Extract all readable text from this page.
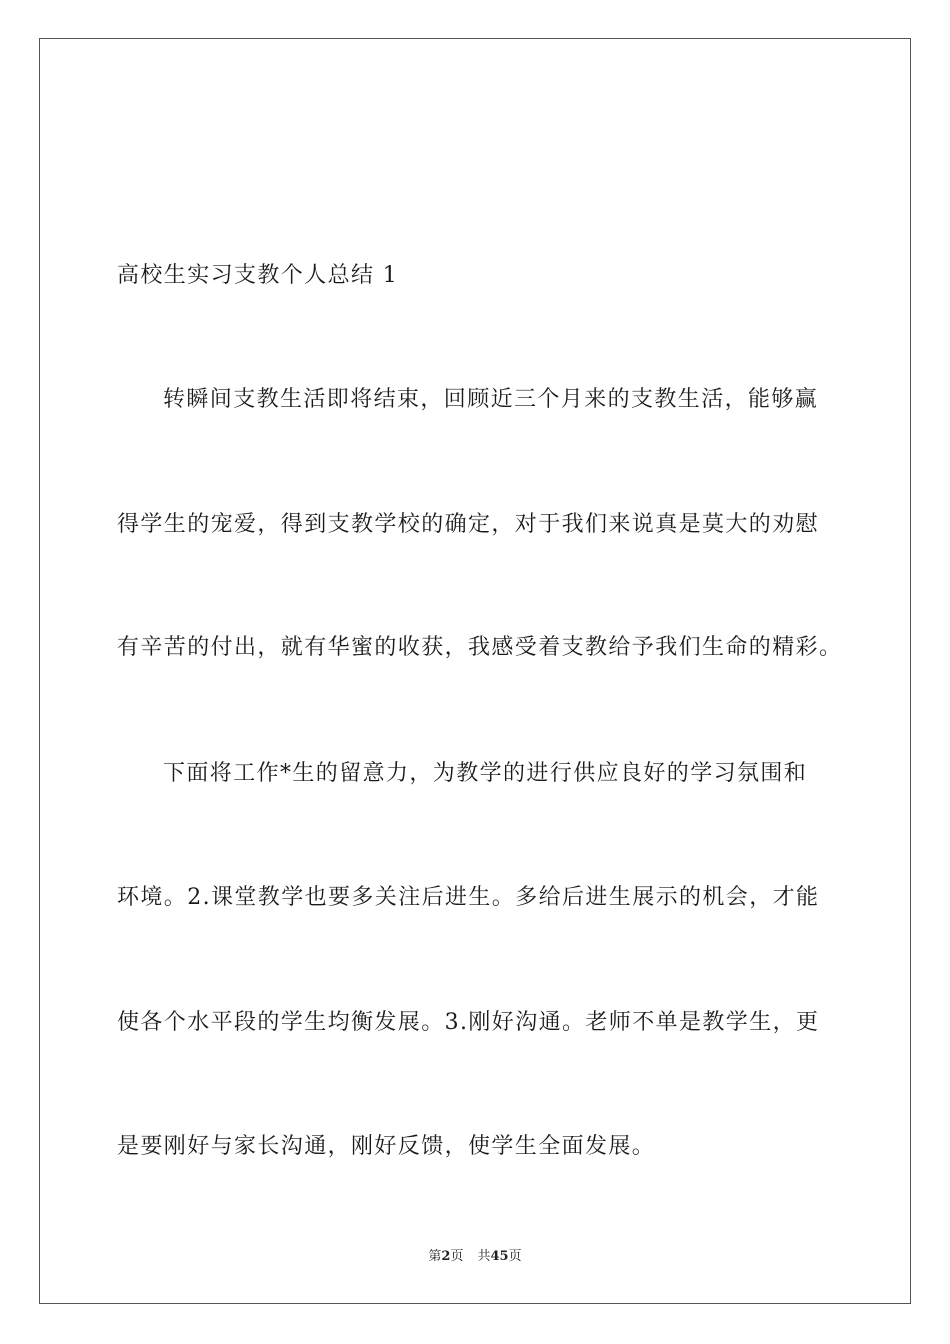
高校生实习支教个人总结 1
转瞬间支教生活即将结束，回顾近三个月来的支教生活，能够赢
得学生的宠爱，得到支教学校的确定，对于我们来说真是莫大的劝慰
有辛苦的付出，就有华蜜的收获，我感受着支教给予我们生命的精彩。
下面将工作*生的留意力，为教学的进行供应良好的学习氛围和
环境。2.课堂教学也要多关注后进生。多给后进生展示的机会，才能
使各个水平段的学生均衡发展。3.刚好沟通。老师不单是教学生，更
是要刚好与家长沟通，刚好反馈，使学生全面发展。
第2页 共45页
